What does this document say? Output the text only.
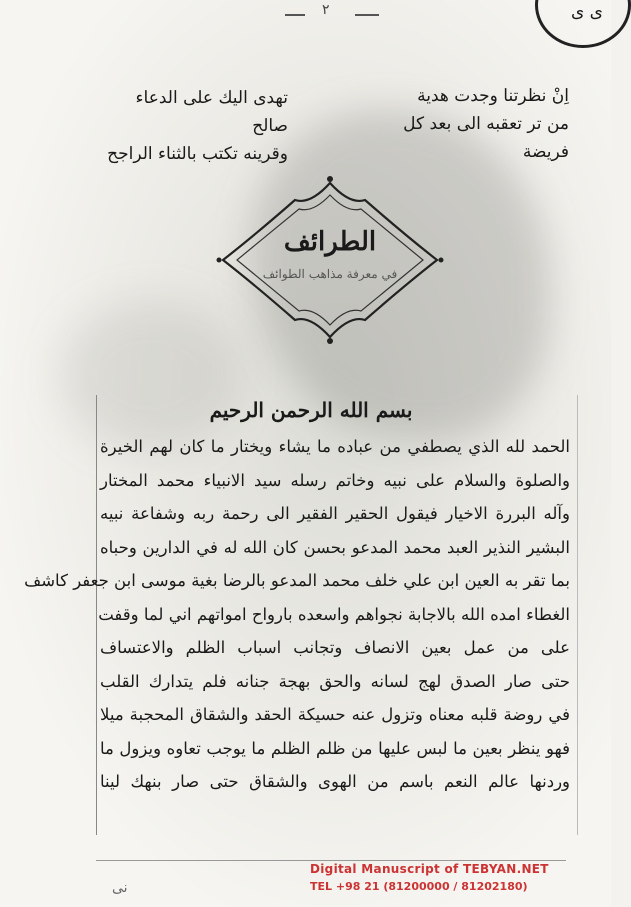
ی ی
٢
اِنْ نظرتنا وجدت هدية
من تر تعقبه الى بعد كل فريضة
تهدى اليك على الدعاء صالح
وقرينه تكتب بالثناء الراجح
الطرائف
في معرفة مذاهب الطوائف
بسم الله الرحمن الرحيم
الحمد لله الذي يصطفي من عباده ما يشاء ويختار ما كان لهم الخيرة
والصلوة والسلام على نبيه وخاتم رسله سيد الانبياء محمد المختار
وآله البررة الاخيار فيقول الحقير الفقير الى رحمة ربه وشفاعة نبيه
البشير النذير العبد محمد المدعو بحسن كان الله له في الدارين وحباه
بما تقر به العين ابن علي خلف محمد المدعو بالرضا بغية موسى ابن جعفر كاشف
الغطاء امده الله بالاجابة نجواهم واسعده بارواح امواتهم اني لما وقفت
على من عمل بعين الانصاف وتجانب اسباب الظلم والاعتساف
حتى صار الصدق لهج لسانه والحق بهجة جنانه فلم يتدارك القلب
في روضة قلبه معناه وتزول عنه حسيكة الحقد والشقاق المحجبة ميلا
فهو ينظر بعين ما لبس عليها من ظلم الظلم ما يوجب تعاوه ويزول ما
وردنها عالم النعم باسم من الهوى والشقاق حتى صار بنهك لينا
نى
Digital Manuscript of TEBYAN.NET
TEL +98 21 (81200000 / 81202180)
